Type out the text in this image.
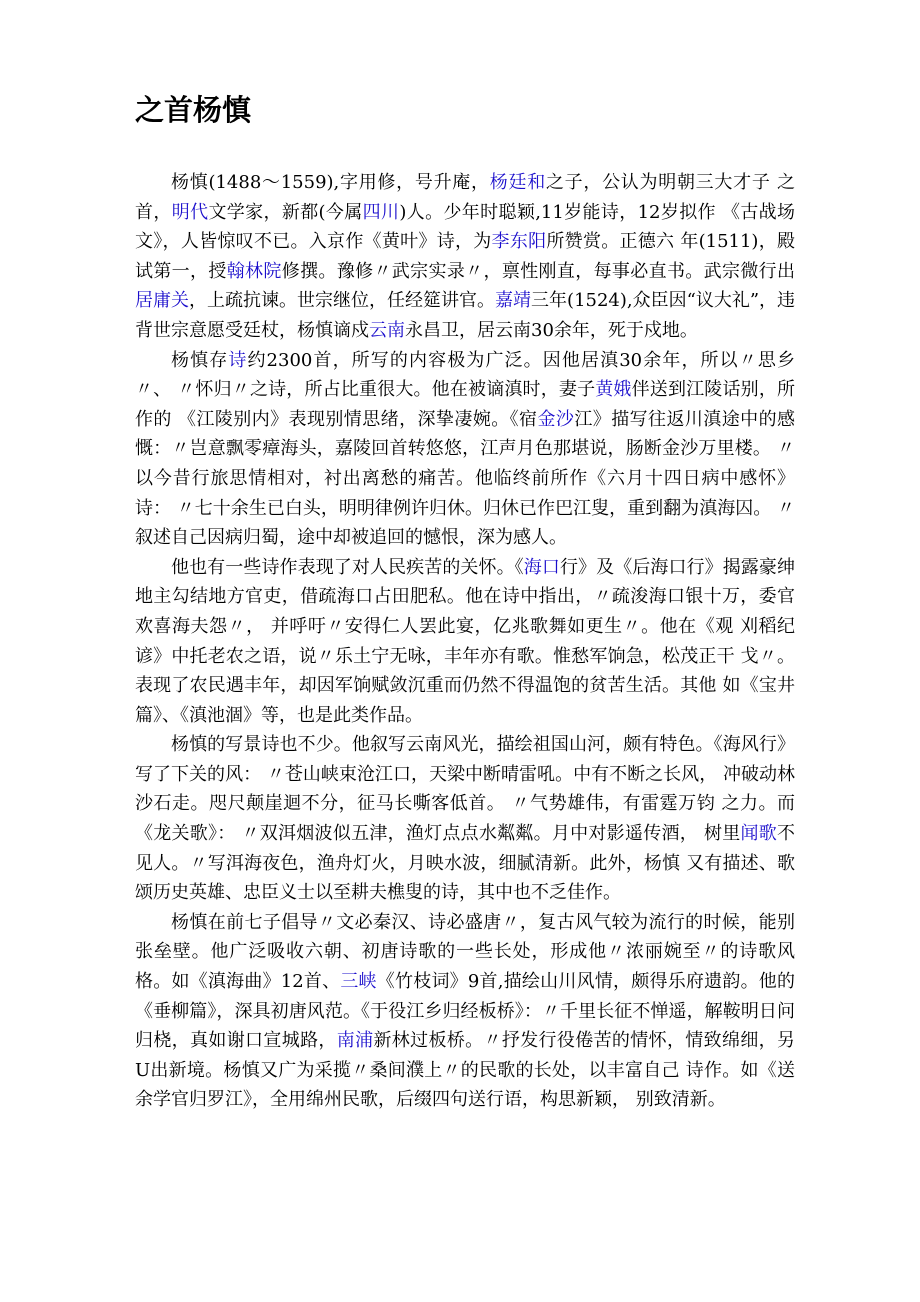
之首杨慎

杨慎(1488～1559),字用修，号升庵，杨廷和之子，公认为明朝三大才子 之首，明代文学家，新都(今属四川)人。少年时聪颖,11岁能诗，12岁拟作 《古战场文》，人皆惊叹不已。入京作《黄叶》诗，为李东阳所赞赏。正德六 年(1511)，殿试第一，授翰林院修撰。豫修〃武宗实录〃，禀性刚直，每事必直书。武宗微行出居庸关，上疏抗谏。世宗继位，任经筵讲官。嘉靖三年(1524),众臣因“议大礼”，违背世宗意愿受廷杖，杨慎谪戍云南永昌卫，居云南30余年，死于戍地。

杨慎存诗约2300首，所写的内容极为广泛。因他居滇30余年，所以〃思乡〃、 〃怀归〃之诗，所占比重很大。他在被谪滇时，妻子黄娥伴送到江陵话别，所作的 《江陵别内》表现别情思绪，深挚凄婉。《宿金沙江》描写往返川滇途中的感 慨：〃岂意飘零瘴海头，嘉陵回首转悠悠，江声月色那堪说，肠断金沙万里楼。 〃以今昔行旅思情相对，衬出离愁的痛苦。他临终前所作《六月十四日病中感怀》 诗： 〃七十余生已白头，明明律例许归休。归休已作巴江叟，重到翻为滇海囚。 〃叙述自己因病归蜀，途中却被追回的憾恨，深为感人。

他也有一些诗作表现了对人民疾苦的关怀。《海口行》及《后海口行》揭露豪绅地主勾结地方官吏，借疏海口占田肥私。他在诗中指出，〃疏浚海口银十万，委官欢喜海夫怨〃， 并呼吁〃安得仁人罢此宴，亿兆歌舞如更生〃。他在《观 刈稻纪谚》中托老农之语，说〃乐土宁无咏，丰年亦有歌。惟愁军饷急，松茂正干 戈〃。表现了农民遇丰年，却因军饷赋敛沉重而仍然不得温饱的贫苦生活。其他 如《宝井篇》、《滇池涸》等，也是此类作品。

杨慎的写景诗也不少。他叙写云南风光，描绘祖国山河，颇有特色。《海风行》写了下关的风： 〃苍山峡束沧江口，天梁中断晴雷吼。中有不断之长风， 冲破动林沙石走。咫尺颠崖迴不分，征马长嘶客低首。 〃气势雄伟，有雷霆万钧 之力。而《龙关歌》： 〃双洱烟波似五津，渔灯点点水粼粼。月中对影遥传酒， 树里闻歌不见人。〃写洱海夜色，渔舟灯火，月映水波，细腻清新。此外，杨慎 又有描述、歌颂历史英雄、忠臣义士以至耕夫樵叟的诗，其中也不乏佳作。

杨慎在前七子倡导〃文必秦汉、诗必盛唐〃，复古风气较为流行的时候，能别张垒壁。他广泛吸收六朝、初唐诗歌的一些长处，形成他〃浓丽婉至〃的诗歌风格。如《滇海曲》12首、三峡《竹枝词》9首,描绘山川风情，颇得乐府遗韵。他的《垂柳篇》，深具初唐风范。《于役江乡归经板桥》：〃千里长征不惮遥，解鞍明日问归桡，真如谢口宣城路，南浦新林过板桥。〃抒发行役倦苦的情怀，情致绵细，另U出新境。杨慎又广为采揽〃桑间濮上〃的民歌的长处，以丰富自己 诗作。如《送余学官归罗江》，全用绵州民歌，后缀四句送行语，构思新颖， 别致清新。
